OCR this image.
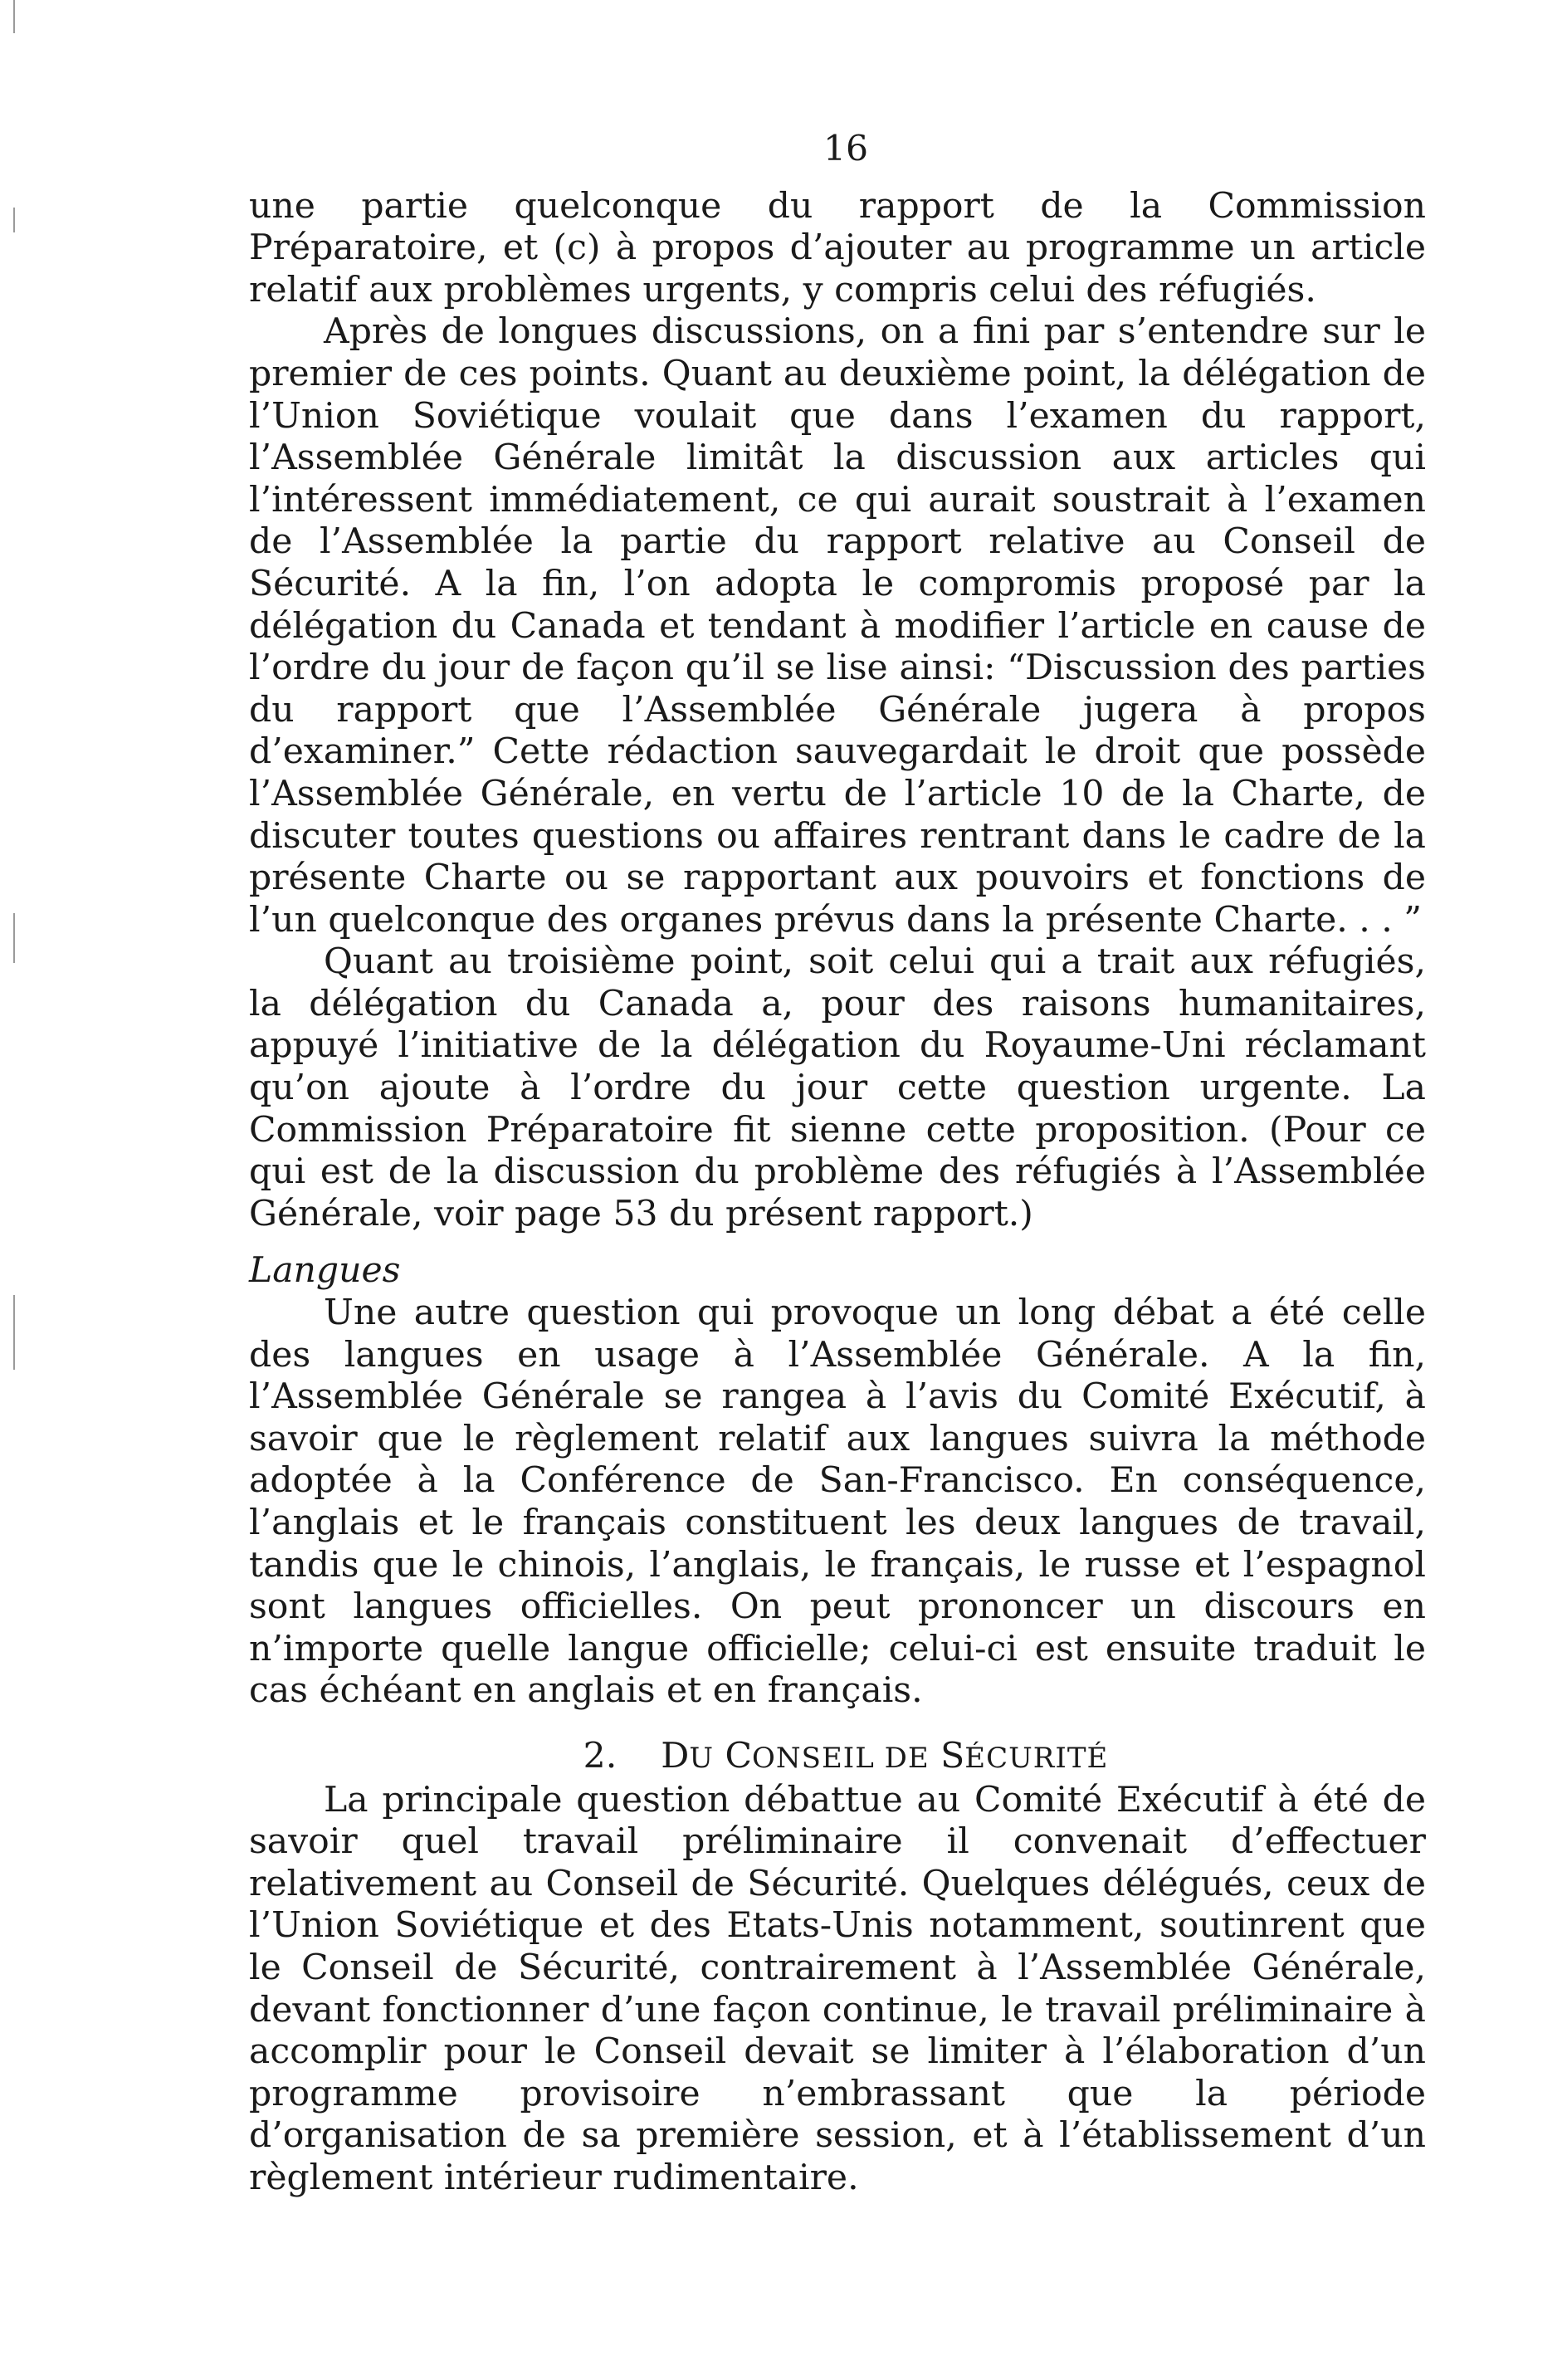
16

une partie quelconque du rapport de la Commission Préparatoire, et (c) à propos d’ajouter au programme un article relatif aux problèmes urgents, y compris celui des réfugiés.

Après de longues discussions, on a fini par s’entendre sur le premier de ces points. Quant au deuxième point, la délégation de l’Union Soviétique voulait que dans l’examen du rapport, l’Assemblée Générale limitât la discussion aux articles qui l’intéressent immédiatement, ce qui aurait soustrait à l’examen de l’Assemblée la partie du rapport relative au Conseil de Sécurité. A la fin, l’on adopta le compromis proposé par la délégation du Canada et tendant à modifier l’article en cause de l’ordre du jour de façon qu’il se lise ainsi: “Discussion des parties du rapport que l’Assemblée Générale jugera à propos d’examiner.” Cette rédaction sauvegardait le droit que possède l’Assemblée Générale, en vertu de l’article 10 de la Charte, de discuter toutes questions ou affaires rentrant dans le cadre de la présente Charte ou se rapportant aux pouvoirs et fonctions de l’un quelconque des organes prévus dans la présente Charte. . . ”

Quant au troisième point, soit celui qui a trait aux réfugiés, la délégation du Canada a, pour des raisons humanitaires, appuyé l’initiative de la délégation du Royaume-Uni réclamant qu’on ajoute à l’ordre du jour cette question urgente. La Commission Préparatoire fit sienne cette proposition. (Pour ce qui est de la discussion du problème des réfugiés à l’Assemblée Générale, voir page 53 du présent rapport.)

Langues

Une autre question qui provoque un long débat a été celle des langues en usage à l’Assemblée Générale. A la fin, l’Assemblée Générale se rangea à l’avis du Comité Exécutif, à savoir que le règlement relatif aux langues suivra la méthode adoptée à la Conférence de San-Francisco. En conséquence, l’anglais et le français constituent les deux langues de travail, tandis que le chinois, l’anglais, le français, le russe et l’espagnol sont langues officielles. On peut prononcer un discours en n’importe quelle langue officielle; celui-ci est ensuite traduit le cas échéant en anglais et en français.

2. DU CONSEIL DE SÉCURITÉ

La principale question débattue au Comité Exécutif à été de savoir quel travail préliminaire il convenait d’effectuer relativement au Conseil de Sécurité. Quelques délégués, ceux de l’Union Soviétique et des Etats-Unis notamment, soutinrent que le Conseil de Sécurité, contrairement à l’Assemblée Générale, devant fonctionner d’une façon continue, le travail préliminaire à accomplir pour le Conseil devait se limiter à l’élaboration d’un programme provisoire n’embrassant que la période d’organisation de sa première session, et à l’établissement d’un règlement intérieur rudimentaire.
